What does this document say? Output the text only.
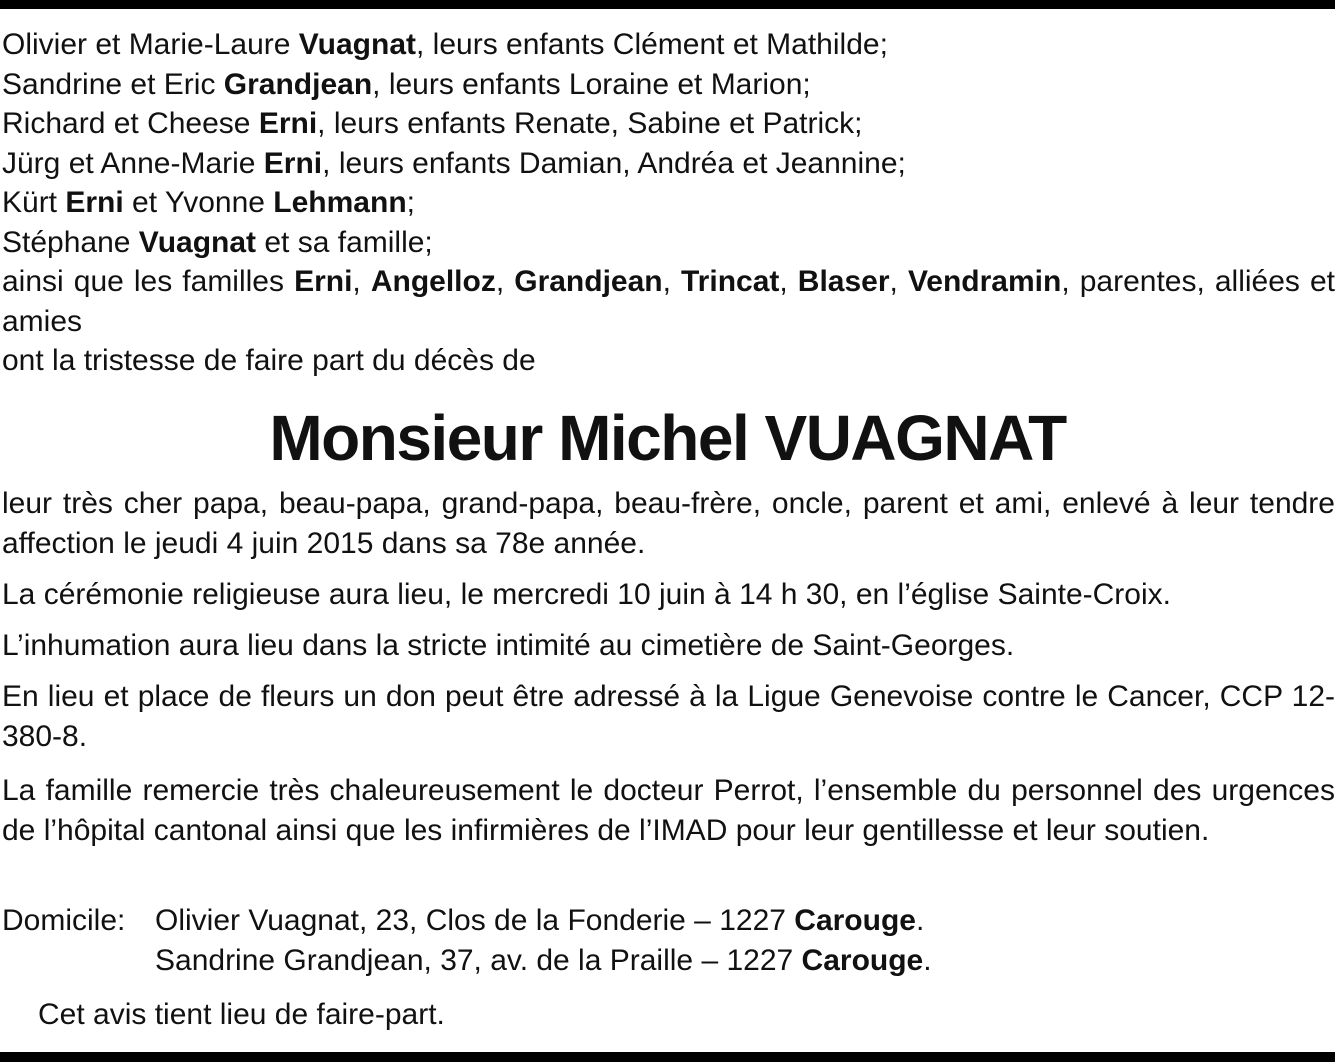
Olivier et Marie-Laure Vuagnat, leurs enfants Clément et Mathilde;
Sandrine et Eric Grandjean, leurs enfants Loraine et Marion;
Richard et Cheese Erni, leurs enfants Renate, Sabine et Patrick;
Jürg et Anne-Marie Erni, leurs enfants Damian, Andréa et Jeannine;
Kürt Erni et Yvonne Lehmann;
Stéphane Vuagnat et sa famille;
ainsi que les familles Erni, Angelloz, Grandjean, Trincat, Blaser, Vendramin, parentes, alliées et amies
ont la tristesse de faire part du décès de
Monsieur Michel VUAGNAT
leur très cher papa, beau-papa, grand-papa, beau-frère, oncle, parent et ami, enlevé à leur tendre affection le jeudi 4 juin 2015 dans sa 78e année.
La cérémonie religieuse aura lieu, le mercredi 10 juin à 14 h 30, en l’église Sainte-Croix.
L’inhumation aura lieu dans la stricte intimité au cimetière de Saint-Georges.
En lieu et place de fleurs un don peut être adressé à la Ligue Genevoise contre le Cancer, CCP 12-380-8.
La famille remercie très chaleureusement le docteur Perrot, l’ensemble du personnel des urgences de l’hôpital cantonal ainsi que les infirmières de l’IMAD pour leur gentillesse et leur soutien.
Domicile: Olivier Vuagnat, 23, Clos de la Fonderie – 1227 Carouge.
Sandrine Grandjean, 37, av. de la Praille – 1227 Carouge.
Cet avis tient lieu de faire-part.
